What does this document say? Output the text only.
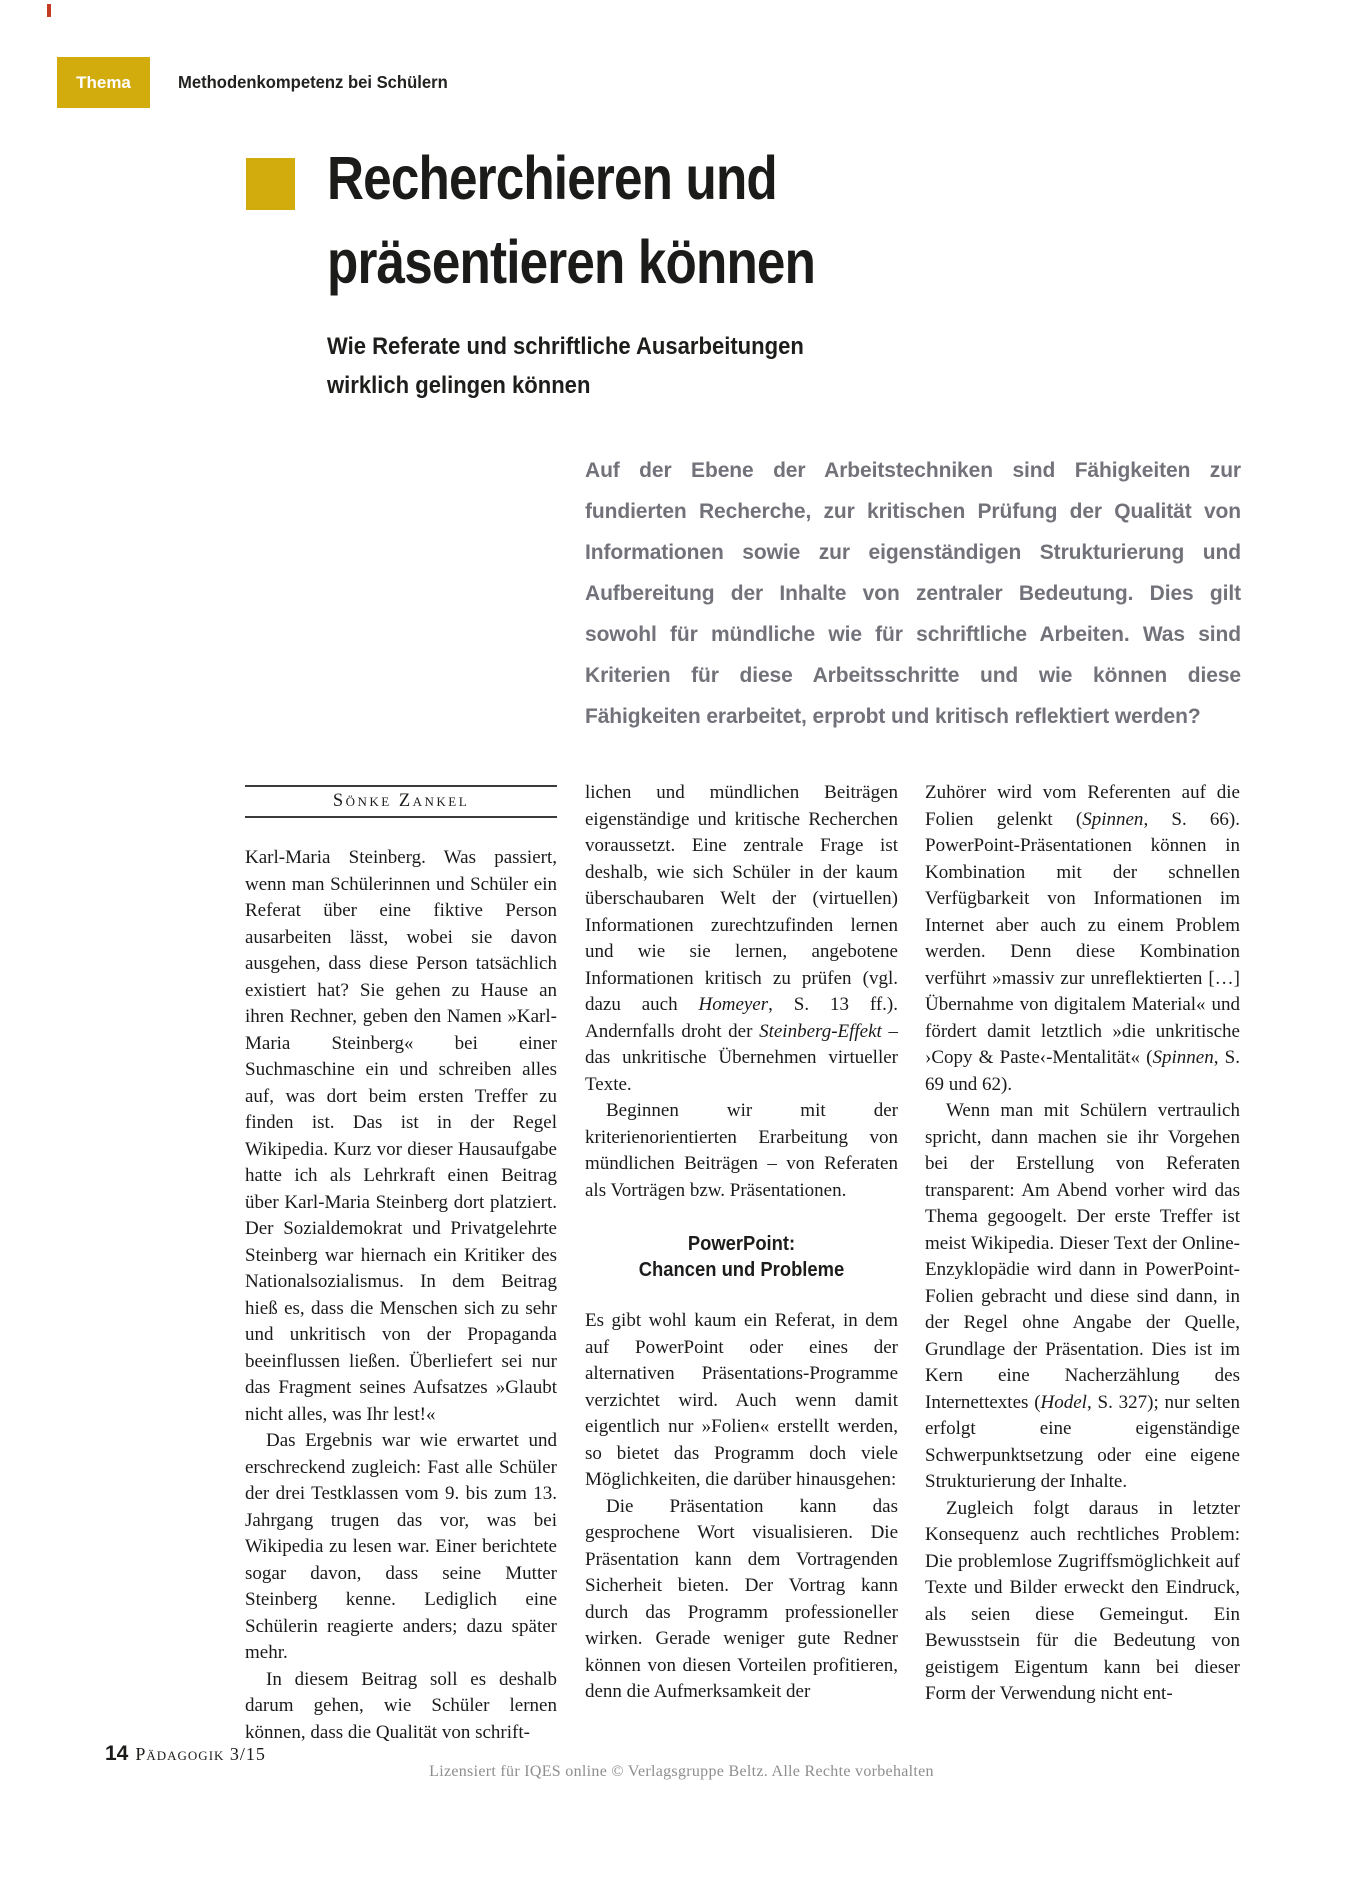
Thema	Methodenkompetenz bei Schülern
Recherchieren und
präsentieren können
Wie Referate und schriftliche Ausarbeitungen
wirklich gelingen können
Auf der Ebene der Arbeitstechniken sind Fähigkeiten zur fundierten Recherche, zur kritischen Prüfung der Qualität von Informationen sowie zur eigenständigen Strukturierung und Aufbereitung der Inhalte von zentraler Bedeutung. Dies gilt sowohl für mündliche wie für schriftliche Arbeiten. Was sind Kriterien für diese Arbeitsschritte und wie können diese Fähigkeiten erarbeitet, erprobt und kritisch reflektiert werden?
Sönke Zankel

Karl-Maria Steinberg. Was passiert, wenn man Schülerinnen und Schüler ein Referat über eine fiktive Person ausarbeiten lässt, wobei sie davon ausgehen, dass diese Person tatsächlich existiert hat? Sie gehen zu Hause an ihren Rechner, geben den Namen »Karl-Maria Steinberg« bei einer Suchmaschine ein und schreiben alles auf, was dort beim ersten Treffer zu finden ist. Das ist in der Regel Wikipedia. Kurz vor dieser Hausaufgabe hatte ich als Lehrkraft einen Beitrag über Karl-Maria Steinberg dort platziert. Der Sozialdemokrat und Privatgelehrte Steinberg war hiernach ein Kritiker des Nationalsozialismus. In dem Beitrag hieß es, dass die Menschen sich zu sehr und unkritisch von der Propaganda beeinflussen ließen. Überliefert sei nur das Fragment seines Aufsatzes »Glaubt nicht alles, was Ihr lest!«

Das Ergebnis war wie erwartet und erschreckend zugleich: Fast alle Schüler der drei Testklassen vom 9. bis zum 13. Jahrgang trugen das vor, was bei Wikipedia zu lesen war. Einer berichtete sogar davon, dass seine Mutter Steinberg kenne. Lediglich eine Schülerin reagierte anders; dazu später mehr.

In diesem Beitrag soll es deshalb darum gehen, wie Schüler lernen können, dass die Qualität von schrift-

lichen und mündlichen Beiträgen eigenständige und kritische Recherchen voraussetzt. Eine zentrale Frage ist deshalb, wie sich Schüler in der kaum überschaubaren Welt der (virtuellen) Informationen zurechtzufinden lernen und wie sie lernen, angebotene Informationen kritisch zu prüfen (vgl. dazu auch Homeyer, S. 13 ff.). Andernfalls droht der Steinberg-Effekt – das unkritische Übernehmen virtueller Texte.

Beginnen wir mit der kriterienorientierten Erarbeitung von mündlichen Beiträgen – von Referaten als Vorträgen bzw. Präsentationen.

PowerPoint:
Chancen und Probleme

Es gibt wohl kaum ein Referat, in dem auf PowerPoint oder eines der alternativen Präsentations-Programme verzichtet wird. Auch wenn damit eigentlich nur »Folien« erstellt werden, so bietet das Programm doch viele Möglichkeiten, die darüber hinausgehen:

Die Präsentation kann das gesprochene Wort visualisieren. Die Präsentation kann dem Vortragenden Sicherheit bieten. Der Vortrag kann durch das Programm professioneller wirken. Gerade weniger gute Redner können von diesen Vorteilen profitieren, denn die Aufmerksamkeit der

Zuhörer wird vom Referenten auf die Folien gelenkt (Spinnen, S. 66). PowerPoint-Präsentationen können in Kombination mit der schnellen Verfügbarkeit von Informationen im Internet aber auch zu einem Problem werden. Denn diese Kombination verführt »massiv zur unreflektierten […] Übernahme von digitalem Material« und fördert damit letztlich »die unkritische ›Copy & Paste‹-Mentalität« (Spinnen, S. 69 und 62).

Wenn man mit Schülern vertraulich spricht, dann machen sie ihr Vorgehen bei der Erstellung von Referaten transparent: Am Abend vorher wird das Thema gegoogelt. Der erste Treffer ist meist Wikipedia. Dieser Text der Online-Enzyklopädie wird dann in PowerPoint-Folien gebracht und diese sind dann, in der Regel ohne Angabe der Quelle, Grundlage der Präsentation. Dies ist im Kern eine Nacherzählung des Internettextes (Hodel, S. 327); nur selten erfolgt eine eigenständige Schwerpunktsetzung oder eine eigene Strukturierung der Inhalte.

Zugleich folgt daraus in letzter Konsequenz auch rechtliches Problem: Die problemlose Zugriffsmöglichkeit auf Texte und Bilder erweckt den Eindruck, als seien diese Gemeingut. Ein Bewusstsein für die Bedeutung von geistigem Eigentum kann bei dieser Form der Verwendung nicht ent-

14 Pädagogik 3/15
Lizensiert für IQES online © Verlagsgruppe Beltz. Alle Rechte vorbehalten
